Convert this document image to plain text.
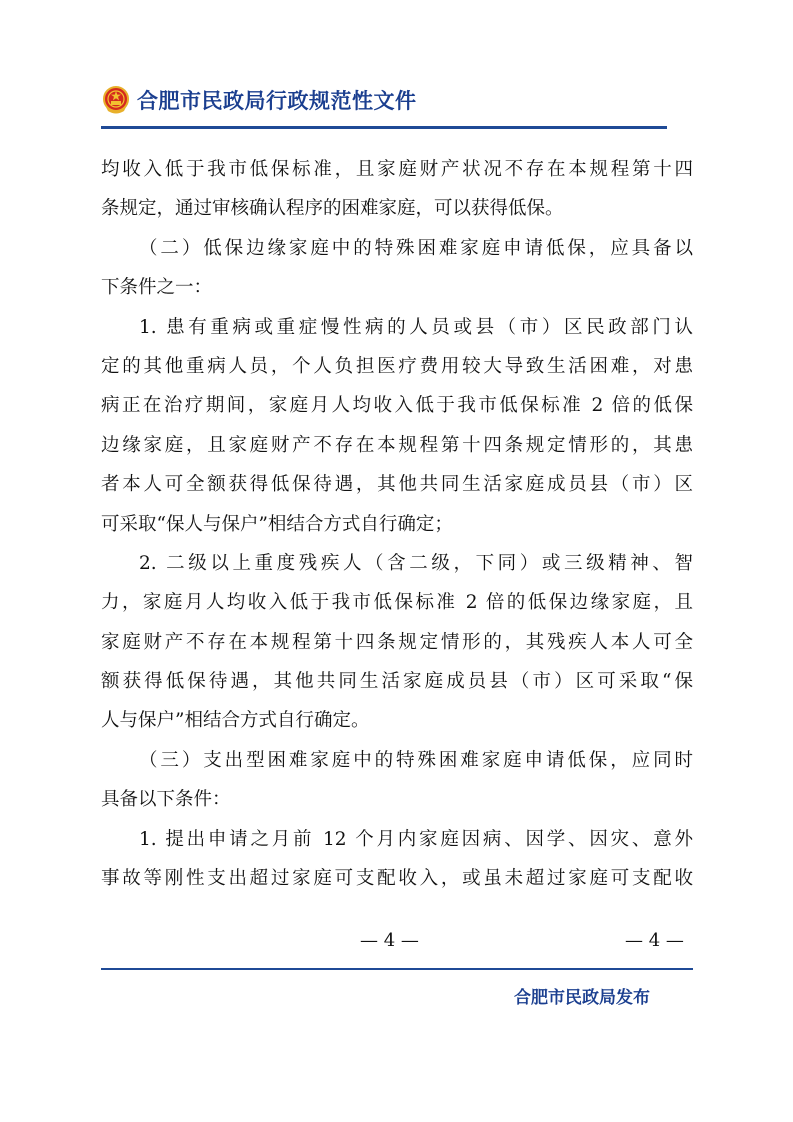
合肥市民政局行政规范性文件
均收入低于我市低保标准，且家庭财产状况不存在本规程第十四
条规定，通过审核确认程序的困难家庭，可以获得低保。
（二）低保边缘家庭中的特殊困难家庭申请低保，应具备以
下条件之一：
1. 患有重病或重症慢性病的人员或县（市）区民政部门认
定的其他重病人员，个人负担医疗费用较大导致生活困难，对患
病正在治疗期间，家庭月人均收入低于我市低保标准 2 倍的低保
边缘家庭，且家庭财产不存在本规程第十四条规定情形的，其患
者本人可全额获得低保待遇，其他共同生活家庭成员县（市）区
可采取“保人与保户”相结合方式自行确定；
2. 二级以上重度残疾人（含二级，下同）或三级精神、智
力，家庭月人均收入低于我市低保标准 2 倍的低保边缘家庭，且
家庭财产不存在本规程第十四条规定情形的，其残疾人本人可全
额获得低保待遇，其他共同生活家庭成员县（市）区可采取“保
人与保户”相结合方式自行确定。
（三）支出型困难家庭中的特殊困难家庭申请低保，应同时
具备以下条件：
1. 提出申请之月前 12 个月内家庭因病、因学、因灾、意外
事故等刚性支出超过家庭可支配收入，或虽未超过家庭可支配收
— 4 —	— 4 —
合肥市民政局发布
